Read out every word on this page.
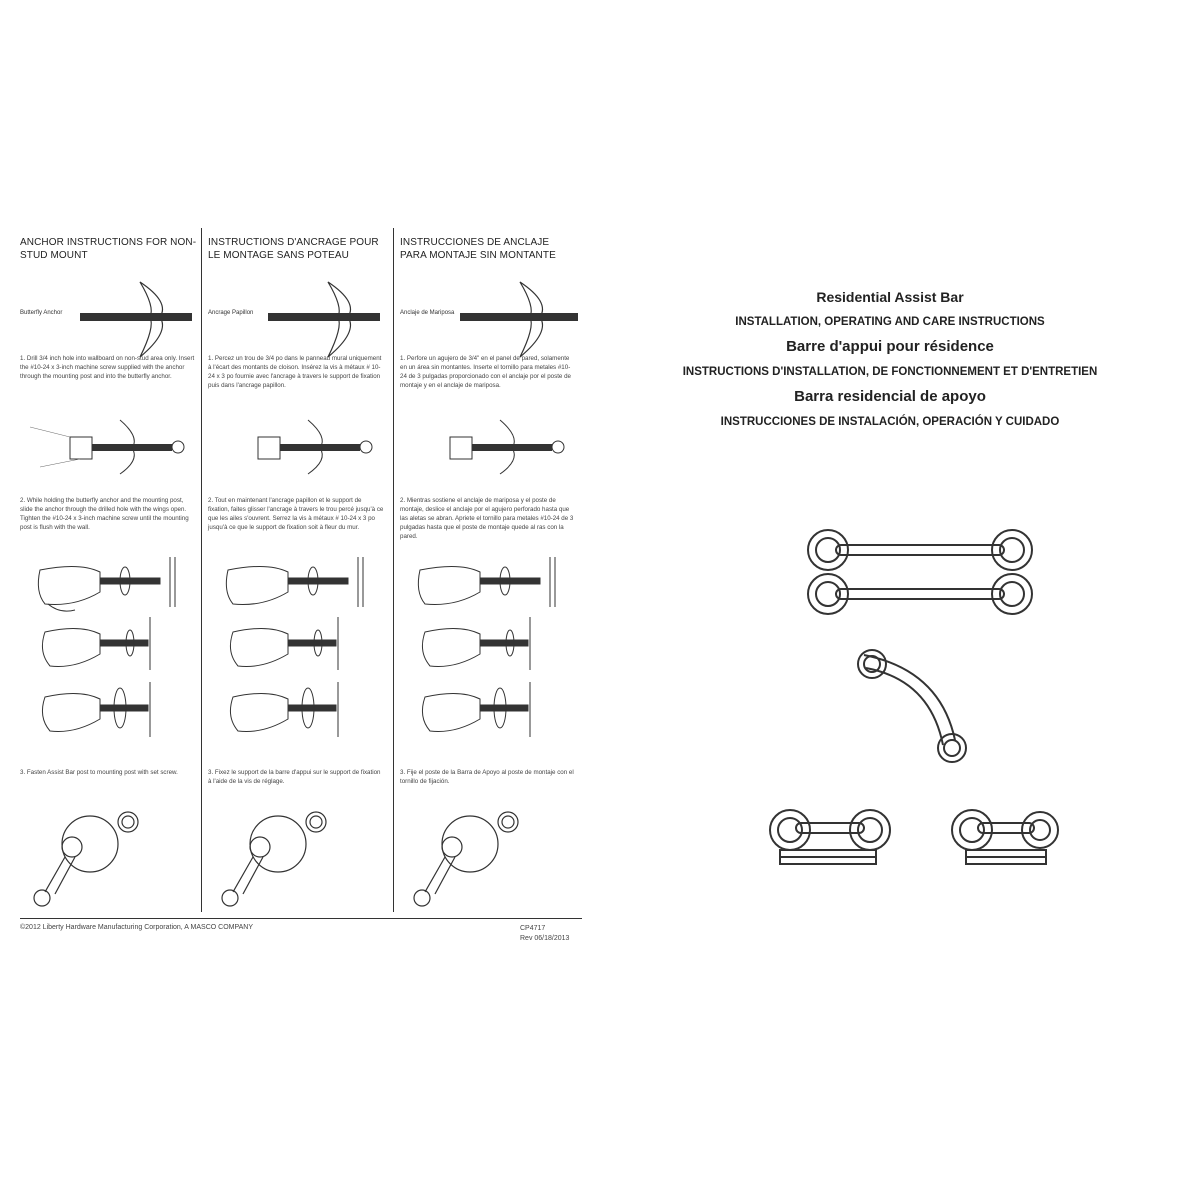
ANCHOR INSTRUCTIONS FOR NON-STUD MOUNT
Butterfly Anchor
1. Drill 3/4 inch hole into wallboard on non-stud area only. Insert the #10-24 x 3-inch machine screw supplied with the anchor through the mounting post and into the butterfly anchor.
2. While holding the butterfly anchor and the mounting post, slide the anchor through the drilled hole with the wings open. Tighten the #10-24 x 3-inch machine screw until the mounting post is flush with the wall.
3. Fasten Assist Bar post to mounting post with set screw.
INSTRUCTIONS D'ANCRAGE POUR LE MONTAGE SANS POTEAU
Ancrage Papillon
1. Percez un trou de 3/4 po dans le panneau mural uniquement à l'écart des montants de cloison. Insérez la vis à métaux # 10-24 x 3 po fournie avec l'ancrage à travers le support de fixation puis dans l'ancrage papillon.
2. Tout en maintenant l'ancrage papillon et le support de fixation, faites glisser l'ancrage à travers le trou percé jusqu'à ce que les ailes s'ouvrent. Serrez la vis à métaux # 10-24 x 3 po jusqu'à ce que le support de fixation soit à fleur du mur.
3. Fixez le support de la barre d'appui sur le support de fixation à l'aide de la vis de réglage.
INSTRUCCIONES DE ANCLAJE PARA MONTAJE SIN MONTANTE
Anclaje de Mariposa
1. Perfore un agujero de 3/4" en el panel de pared, solamente en un área sin montantes. Inserte el tornillo para metales #10-24 de 3 pulgadas proporcionado con el anclaje por el poste de montaje y en el anclaje de mariposa.
2. Mientras sostiene el anclaje de mariposa y el poste de montaje, deslice el anclaje por el agujero perforado hasta que las aletas se abran. Apriete el tornillo para metales #10-24 de 3 pulgadas hasta que el poste de montaje quede al ras con la pared.
3. Fije el poste de la Barra de Apoyo al poste de montaje con el tornillo de fijación.
©2012 Liberty Hardware Manufacturing Corporation, A MASCO COMPANY	CP4717
Rev 06/18/2013
Residential Assist Bar
INSTALLATION, OPERATING AND CARE INSTRUCTIONS
Barre d'appui pour résidence
INSTRUCTIONS D'INSTALLATION, DE FONCTIONNEMENT ET D'ENTRETIEN
Barra residencial de apoyo
INSTRUCCIONES DE INSTALACIÓN, OPERACIÓN Y CUIDADO
